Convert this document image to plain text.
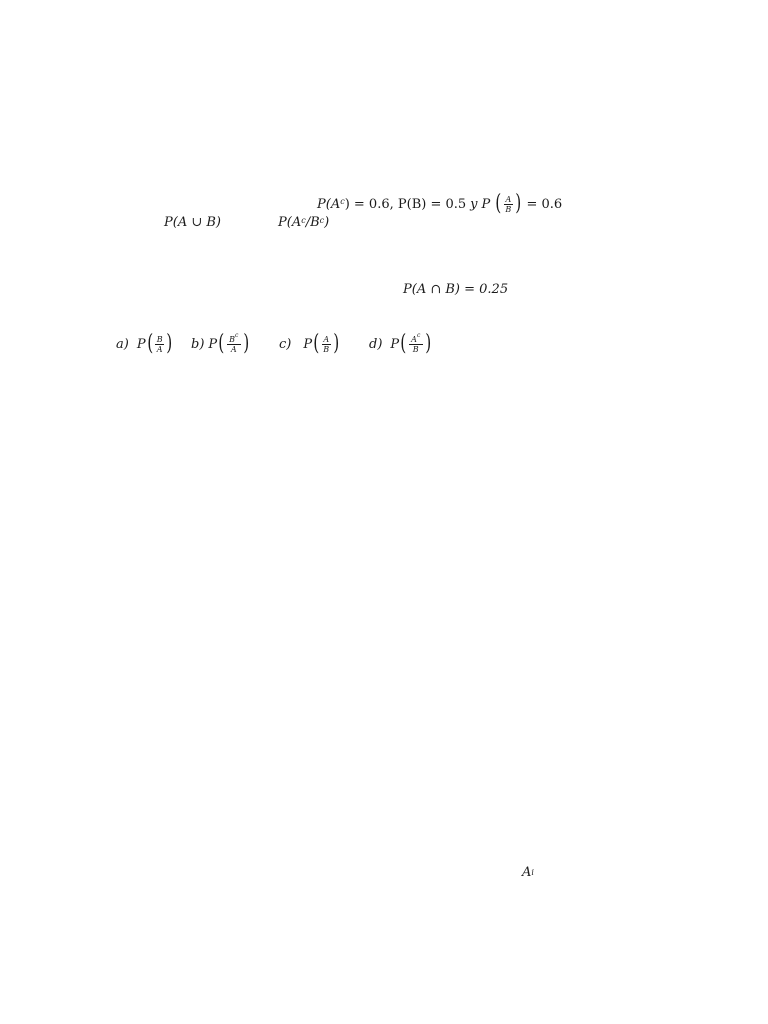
$P(A^c$ ) = 0.6, P(B) = 0.5 y P ( $\frac{A}{B}$ ) = 0.6
P(A ∪ B)	$P(A^c$ $/B^c$ )
P(A ∩ B) = 0.25
a) P ( $\frac{B}{A}$ ) b) P ( $\frac{B^c}{A}$ ) c) P ( $\frac{A}{B}$ ) d) P ( $\frac{A^c}{B}$ )
A i
